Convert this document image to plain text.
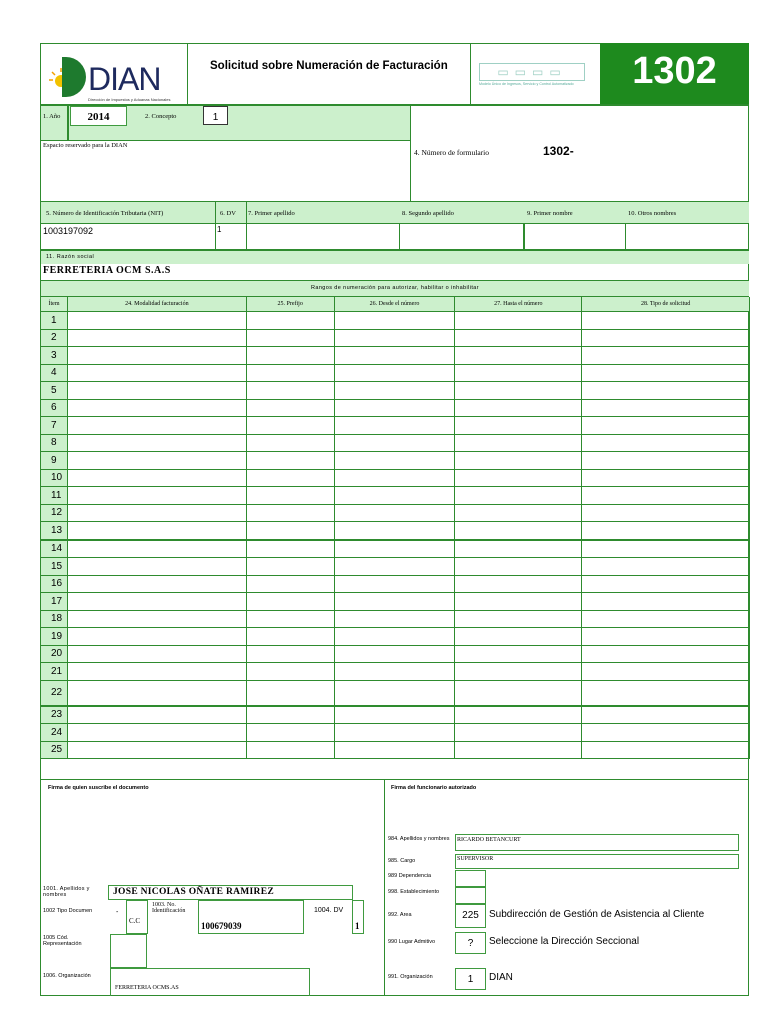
DIAN
Dirección de Impuestos y Aduanas Nacionales
Solicitud sobre Numeración de Facturación	▭▭▭▭
Modelo Único de Ingresos, Servicio y Control Automatizado	1302
1. Año	2014	2. Concepto	1
Espacio reservado para la DIAN
4. Número de formulario	1302-
5. Número de Identificación Tributaria (NIT)	6. DV 7. Primer apellido	8. Segundo apellido	9. Primer nombre	10. Otros nombres
1003197092	1
11. Razón social
FERRETERIA OCM S.A.S
Rangos de numeración para autorizar, habilitar o inhabilitar
Ítem	24. Modalidad facturación	25. Prefijo	26. Desde el número	27. Hasta el número	28. Tipo de solicitud
1					
2					
3					
4					
5					
6					
7					
8					
9					
10					
11					
12					
13					
14					
15					
16					
17					
18					
19					
20					
21					
22					
23					
24					
25					
Firma de quien suscribe el documento
1001. Apellidos y nombres	JOSE NICOLAS OÑATE RAMIREZ
1002 Tipo Documen	-
C.C
1003. No. Identificación
100679039
1004. DV
1
1005 Cód. Representación
1006. Organización
FERRETERIA OCMS.AS
Firma del funcionario autorizado
984. Apellidos y nombres	RICARDO BETANCURT
985. Cargo	SUPERVISOR
989 Dependencia
998. Establecimiento
992. Area	225	Subdirección de Gestión de Asistencia al Cliente
990 Lugar Admitivo	?	Seleccione la Dirección Seccional
991. Organización	1	DIAN
